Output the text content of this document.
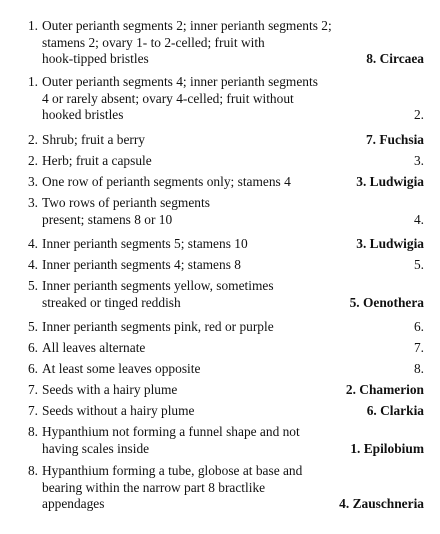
1. Outer perianth segments 2; inner perianth segments 2;
stamens 2; ovary 1- to 2-celled; fruit with
hook-tipped bristles	8. Circaea
1. Outer perianth segments 4; inner perianth segments
4 or rarely absent; ovary 4-celled; fruit without
hooked bristles	2.
2. Shrub; fruit a berry	7. Fuchsia
2. Herb; fruit a capsule	3.
3. One row of perianth segments only; stamens 4	3. Ludwigia
3. Two rows of perianth segments
present; stamens 8 or 10	4.
4. Inner perianth segments 5; stamens 10	3. Ludwigia
4. Inner perianth segments 4; stamens 8	5.
5. Inner perianth segments yellow, sometimes
streaked or tinged reddish	5. Oenothera
5. Inner perianth segments pink, red or purple	6.
6. All leaves alternate	7.
6. At least some leaves opposite	8.
7. Seeds with a hairy plume	2. Chamerion
7. Seeds without a hairy plume	6. Clarkia
8. Hypanthium not forming a funnel shape and not
having scales inside	1. Epilobium
8. Hypanthium forming a tube, globose at base and
bearing within the narrow part 8 bractlike
appendages	4. Zauschneria
